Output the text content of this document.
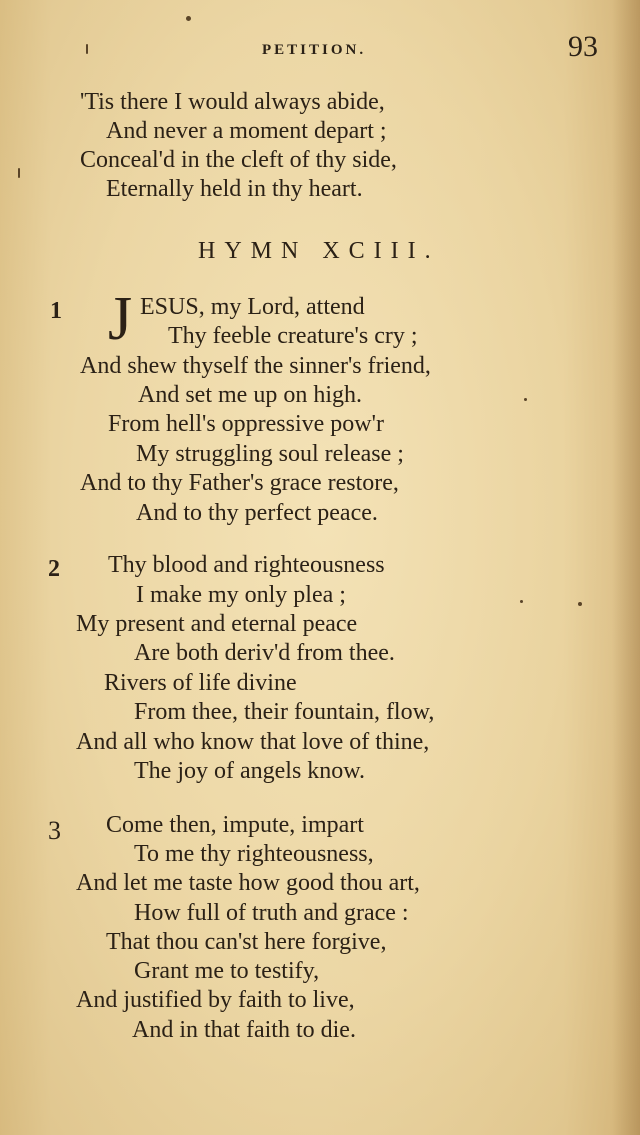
PETITION.	93
'Tis there I would always abide,
And never a moment depart ;
Conceal'd in the cleft of thy side,
Eternally held in thy heart.
HYMN XCIII.
1 J ESUS, my Lord, attend
Thy feeble creature's cry ;
And shew thyself the sinner's friend,
And set me up on high.
From hell's oppressive pow'r
My struggling soul release ;
And to thy Father's grace restore,
And to thy perfect peace.
2 Thy blood and righteousness
I make my only plea ;
My present and eternal peace
Are both deriv'd from thee.
Rivers of life divine
From thee, their fountain, flow,
And all who know that love of thine,
The joy of angels know.
3 Come then, impute, impart
To me thy righteousness,
And let me taste how good thou art,
How full of truth and grace :
That thou can'st here forgive,
Grant me to testify,
And justified by faith to live,
And in that faith to die.
